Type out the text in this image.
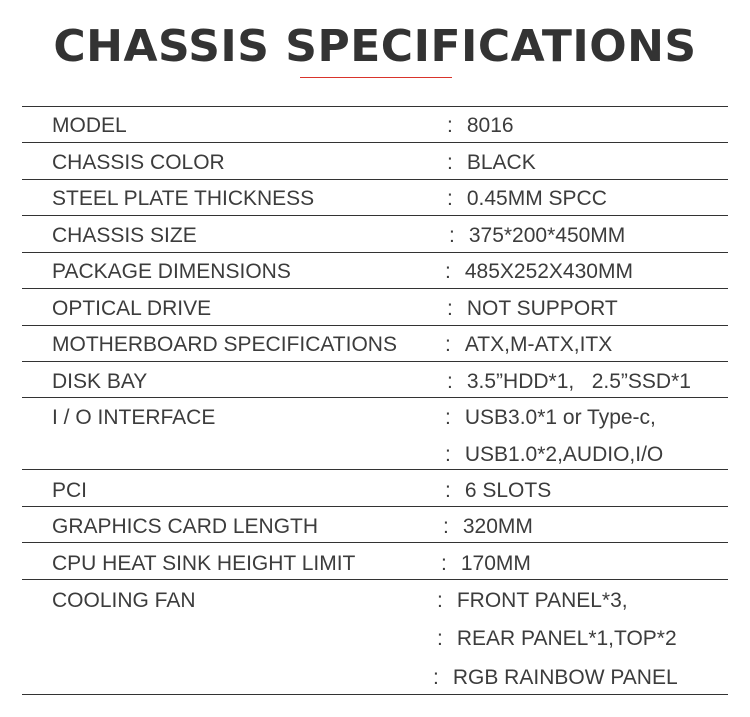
CHASSIS SPECIFICATIONS
MODEL	: 8016
CHASSIS COLOR	: BLACK
STEEL PLATE THICKNESS	: 0.45MM SPCC
CHASSIS SIZE	: 375*200*450MM
PACKAGE DIMENSIONS	: 485X252X430MM
OPTICAL DRIVE	: NOT SUPPORT
MOTHERBOARD SPECIFICATIONS	: ATX,M-ATX,ITX
DISK BAY	: 3.5”HDD*1,   2.5”SSD*1
I / O INTERFACE	: USB3.0*1 or Type-c,
: USB1.0*2,AUDIO,I/O
PCI	: 6 SLOTS
GRAPHICS CARD LENGTH	: 320MM
CPU HEAT SINK HEIGHT LIMIT	: 170MM
COOLING FAN	: FRONT PANEL*3,
: REAR PANEL*1,TOP*2
: RGB RAINBOW PANEL
